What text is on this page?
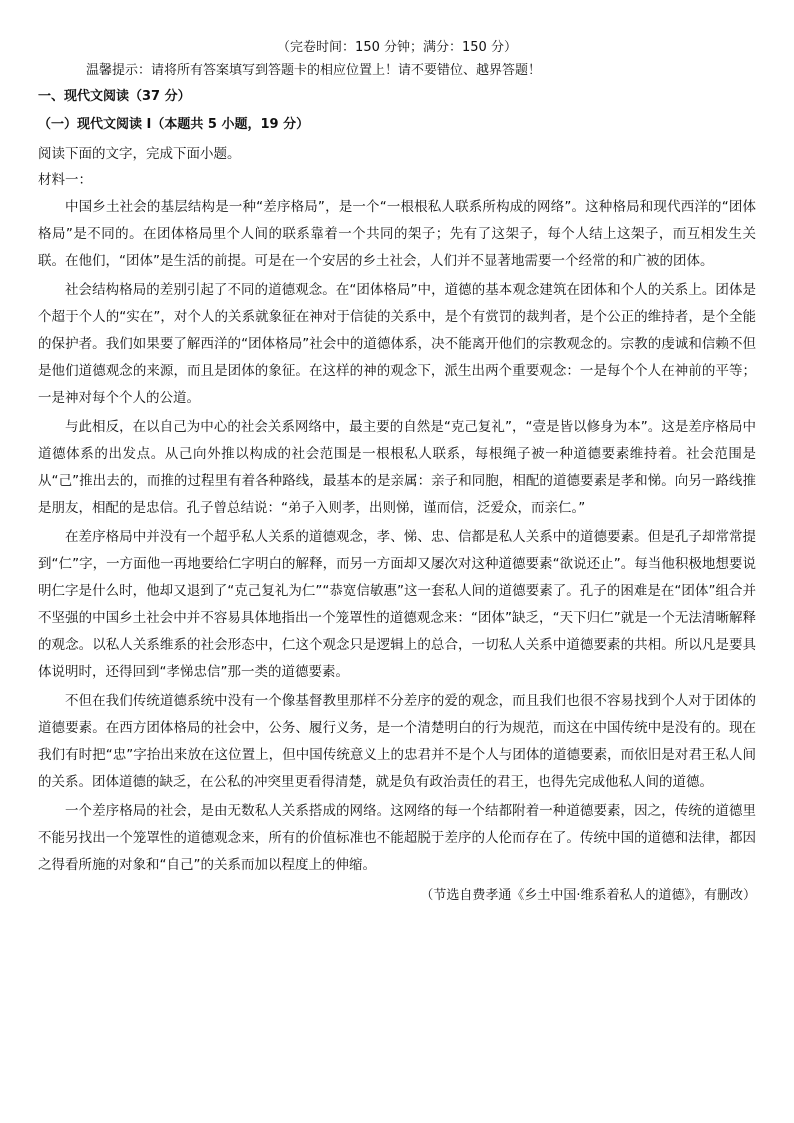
（完卷时间：150 分钟；满分：150 分）

温馨提示：请将所有答案填写到答题卡的相应位置上！请不要错位、越界答题！

一、现代文阅读（37 分）

（一）现代文阅读 I（本题共 5 小题，19 分）

阅读下面的文字，完成下面小题。

材料一：

中国乡土社会的基层结构是一种“差序格局”，是一个“一根根私人联系所构成的网络”。这种格局和现代西洋的“团体格局”是不同的。在团体格局里个人间的联系靠着一个共同的架子；先有了这架子，每个人结上这架子，而互相发生关联。在他们，“团体”是生活的前提。可是在一个安居的乡土社会，人们并不显著地需要一个经常的和广被的团体。

社会结构格局的差别引起了不同的道德观念。在“团体格局”中，道德的基本观念建筑在团体和个人的关系上。团体是个超于个人的“实在”，对个人的关系就象征在神对于信徒的关系中，是个有赏罚的裁判者，是个公正的维持者，是个全能的保护者。我们如果要了解西洋的“团体格局”社会中的道德体系，决不能离开他们的宗教观念的。宗教的虔诚和信赖不但是他们道德观念的来源，而且是团体的象征。在这样的神的观念下，派生出两个重要观念：一是每个个人在神前的平等；一是神对每个个人的公道。

与此相反，在以自己为中心的社会关系网络中，最主要的自然是“克己复礼”，“壹是皆以修身为本”。这是差序格局中道德体系的出发点。从己向外推以构成的社会范围是一根根私人联系，每根绳子被一种道德要素维持着。社会范围是从“己”推出去的，而推的过程里有着各种路线，最基本的是亲属：亲子和同胞，相配的道德要素是孝和悌。向另一路线推是朋友，相配的是忠信。孔子曾总结说：“弟子入则孝，出则悌，谨而信，泛爱众，而亲仁。”

在差序格局中并没有一个超乎私人关系的道德观念，孝、悌、忠、信都是私人关系中的道德要素。但是孔子却常常提到“仁”字，一方面他一再地要给仁字明白的解释，而另一方面却又屡次对这种道德要素“欲说还止”。每当他积极地想要说明仁字是什么时，他却又退到了“克己复礼为仁”“恭宽信敏惠”这一套私人间的道德要素了。孔子的困难是在“团体”组合并不坚强的中国乡土社会中并不容易具体地指出一个笼罩性的道德观念来：“团体”缺乏，“天下归仁”就是一个无法清晰解释的观念。以私人关系维系的社会形态中，仁这个观念只是逻辑上的总合，一切私人关系中道德要素的共相。所以凡是要具体说明时，还得回到“孝悌忠信”那一类的道德要素。

不但在我们传统道德系统中没有一个像基督教里那样不分差序的爱的观念，而且我们也很不容易找到个人对于团体的道德要素。在西方团体格局的社会中，公务、履行义务，是一个清楚明白的行为规范，而这在中国传统中是没有的。现在我们有时把“忠”字抬出来放在这位置上，但中国传统意义上的忠君并不是个人与团体的道德要素，而依旧是对君王私人间的关系。团体道德的缺乏，在公私的冲突里更看得清楚，就是负有政治责任的君王，也得先完成他私人间的道德。

一个差序格局的社会，是由无数私人关系搭成的网络。这网络的每一个结都附着一种道德要素，因之，传统的道德里不能另找出一个笼罩性的道德观念来，所有的价值标准也不能超脱于差序的人伦而存在了。传统中国的道德和法律，都因之得看所施的对象和“自己”的关系而加以程度上的伸缩。

（节选自费孝通《乡土中国·维系着私人的道德》，有删改）
